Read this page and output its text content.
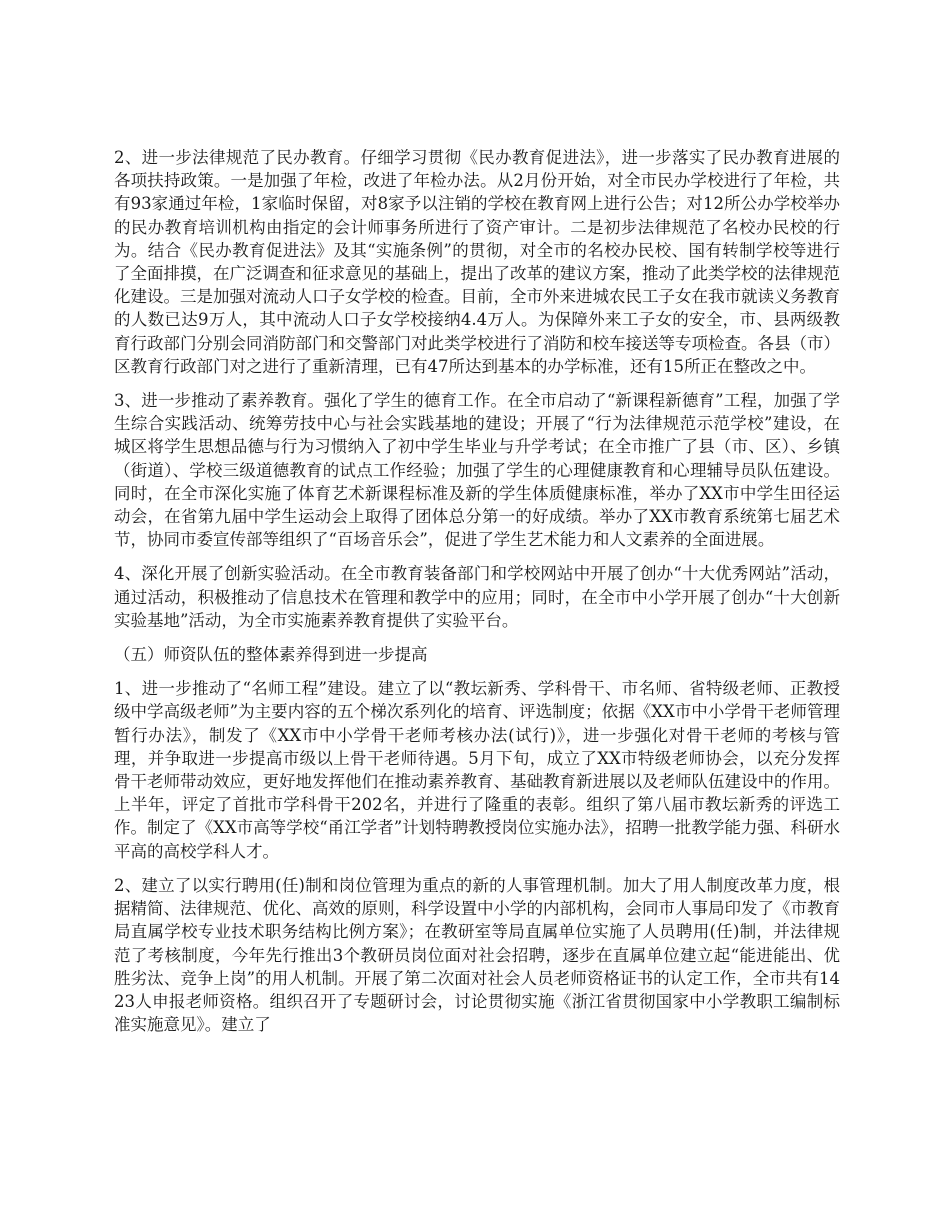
2、进一步法律规范了民办教育。仔细学习贯彻《民办教育促进法》，进一步落实了民办教育进展的各项扶持政策。一是加强了年检，改进了年检办法。从2月份开始，对全市民办学校进行了年检，共有93家通过年检，1家临时保留，对8家予以注销的学校在教育网上进行公告；对12所公办学校举办的民办教育培训机构由指定的会计师事务所进行了资产审计。二是初步法律规范了名校办民校的行为。结合《民办教育促进法》及其“实施条例”的贯彻，对全市的名校办民校、国有转制学校等进行了全面排摸，在广泛调查和征求意见的基础上，提出了改革的建议方案，推动了此类学校的法律规范化建设。三是加强对流动人口子女学校的检查。目前，全市外来进城农民工子女在我市就读义务教育的人数已达9万人，其中流动人口子女学校接纳4.4万人。为保障外来工子女的安全，市、县两级教育行政部门分别会同消防部门和交警部门对此类学校进行了消防和校车接送等专项检查。各县（市）区教育行政部门对之进行了重新清理，已有47所达到基本的办学标准，还有15所正在整改之中。

3、进一步推动了素养教育。强化了学生的德育工作。在全市启动了“新课程新德育”工程，加强了学生综合实践活动、统筹劳技中心与社会实践基地的建设；开展了“行为法律规范示范学校”建设，在城区将学生思想品德与行为习惯纳入了初中学生毕业与升学考试；在全市推广了县（市、区）、乡镇（街道）、学校三级道德教育的试点工作经验；加强了学生的心理健康教育和心理辅导员队伍建设。同时，在全市深化实施了体育艺术新课程标准及新的学生体质健康标准，举办了XX市中学生田径运动会，在省第九届中学生运动会上取得了团体总分第一的好成绩。举办了XX市教育系统第七届艺术节，协同市委宣传部等组织了“百场音乐会”，促进了学生艺术能力和人文素养的全面进展。

4、深化开展了创新实验活动。在全市教育装备部门和学校网站中开展了创办“十大优秀网站”活动，通过活动，积极推动了信息技术在管理和教学中的应用；同时，在全市中小学开展了创办“十大创新实验基地”活动，为全市实施素养教育提供了实验平台。

（五）师资队伍的整体素养得到进一步提高

1、进一步推动了“名师工程”建设。建立了以“教坛新秀、学科骨干、市名师、省特级老师、正教授级中学高级老师”为主要内容的五个梯次系列化的培育、评选制度；依据《XX市中小学骨干老师管理暂行办法》，制发了《XX市中小学骨干老师考核办法(试行)》，进一步强化对骨干老师的考核与管理，并争取进一步提高市级以上骨干老师待遇。5月下旬，成立了XX市特级老师协会，以充分发挥骨干老师带动效应，更好地发挥他们在推动素养教育、基础教育新进展以及老师队伍建设中的作用。上半年，评定了首批市学科骨干202名，并进行了隆重的表彰。组织了第八届市教坛新秀的评选工作。制定了《XX市高等学校“甬江学者”计划特聘教授岗位实施办法》，招聘一批教学能力强、科研水平高的高校学科人才。

2、建立了以实行聘用(任)制和岗位管理为重点的新的人事管理机制。加大了用人制度改革力度，根据精简、法律规范、优化、高效的原则，科学设置中小学的内部机构，会同市人事局印发了《市教育局直属学校专业技术职务结构比例方案》；在教研室等局直属单位实施了人员聘用(任)制，并法律规范了考核制度，今年先行推出3个教研员岗位面对社会招聘，逐步在直属单位建立起“能进能出、优胜劣汰、竞争上岗”的用人机制。开展了第二次面对社会人员老师资格证书的认定工作，全市共有1423人申报老师资格。组织召开了专题研讨会，讨论贯彻实施《浙江省贯彻国家中小学教职工编制标准实施意见》。建立了
